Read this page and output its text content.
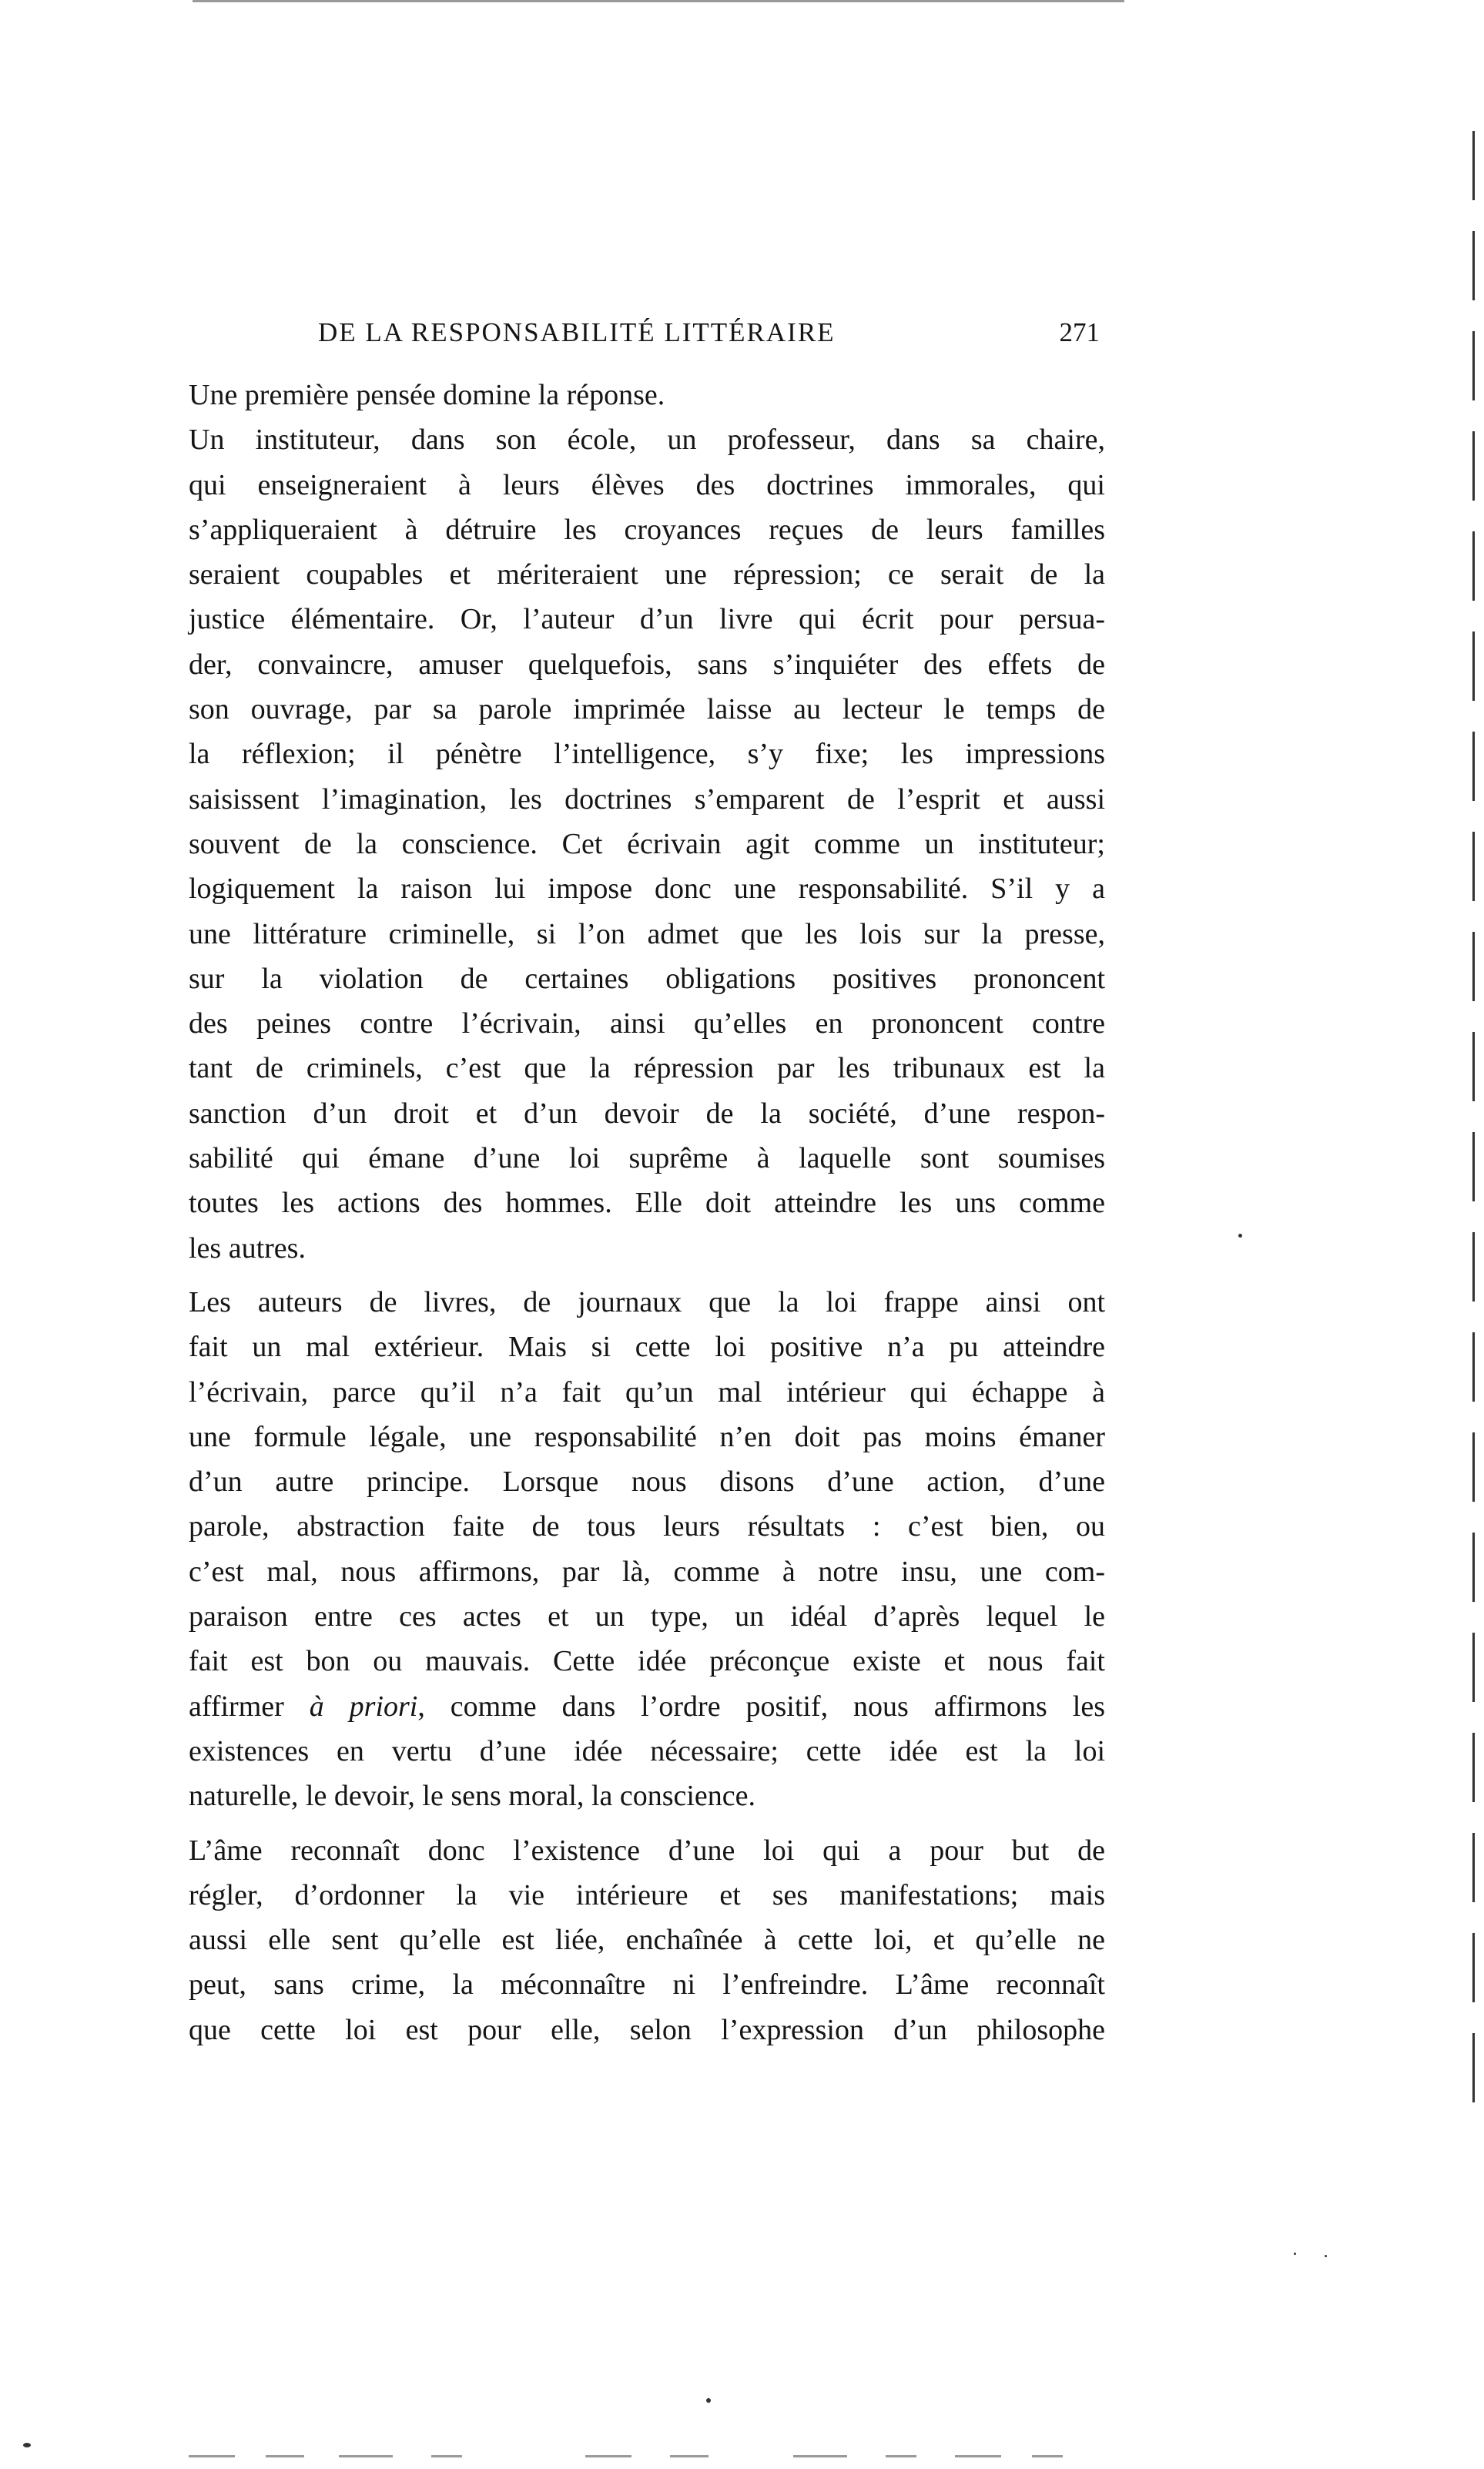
DE LA RESPONSABILITÉ LITTÉRAIRE	271
Une première pensée domine la réponse.
Un instituteur, dans son école, un professeur, dans sa chaire,
qui enseigneraient à leurs élèves des doctrines immorales, qui
s’appliqueraient à détruire les croyances reçues de leurs familles
seraient coupables et mériteraient une répression; ce serait de la
justice élémentaire. Or, l’auteur d’un livre qui écrit pour persua-
der, convaincre, amuser quelquefois, sans s’inquiéter des effets de
son ouvrage, par sa parole imprimée laisse au lecteur le temps de
la réflexion; il pénètre l’intelligence, s’y fixe; les impressions
saisissent l’imagination, les doctrines s’emparent de l’esprit et aussi
souvent de la conscience. Cet écrivain agit comme un instituteur;
logiquement la raison lui impose donc une responsabilité. S’il y a
une littérature criminelle, si l’on admet que les lois sur la presse,
sur la violation de certaines obligations positives prononcent
des peines contre l’écrivain, ainsi qu’elles en prononcent contre
tant de criminels, c’est que la répression par les tribunaux est la
sanction d’un droit et d’un devoir de la société, d’une respon-
sabilité qui émane d’une loi suprême à laquelle sont soumises
toutes les actions des hommes. Elle doit atteindre les uns comme
les autres.
Les auteurs de livres, de journaux que la loi frappe ainsi ont
fait un mal extérieur. Mais si cette loi positive n’a pu atteindre
l’écrivain, parce qu’il n’a fait qu’un mal intérieur qui échappe à
une formule légale, une responsabilité n’en doit pas moins émaner
d’un autre principe. Lorsque nous disons d’une action, d’une
parole, abstraction faite de tous leurs résultats : c’est bien, ou
c’est mal, nous affirmons, par là, comme à notre insu, une com-
paraison entre ces actes et un type, un idéal d’après lequel le
fait est bon ou mauvais. Cette idée préconçue existe et nous fait
affirmer à priori, comme dans l’ordre positif, nous affirmons les
existences en vertu d’une idée nécessaire; cette idée est la loi
naturelle, le devoir, le sens moral, la conscience.
L’âme reconnaît donc l’existence d’une loi qui a pour but de
régler, d’ordonner la vie intérieure et ses manifestations; mais
aussi elle sent qu’elle est liée, enchaînée à cette loi, et qu’elle ne
peut, sans crime, la méconnaître ni l’enfreindre. L’âme reconnaît
que cette loi est pour elle, selon l’expression d’un philosophe
